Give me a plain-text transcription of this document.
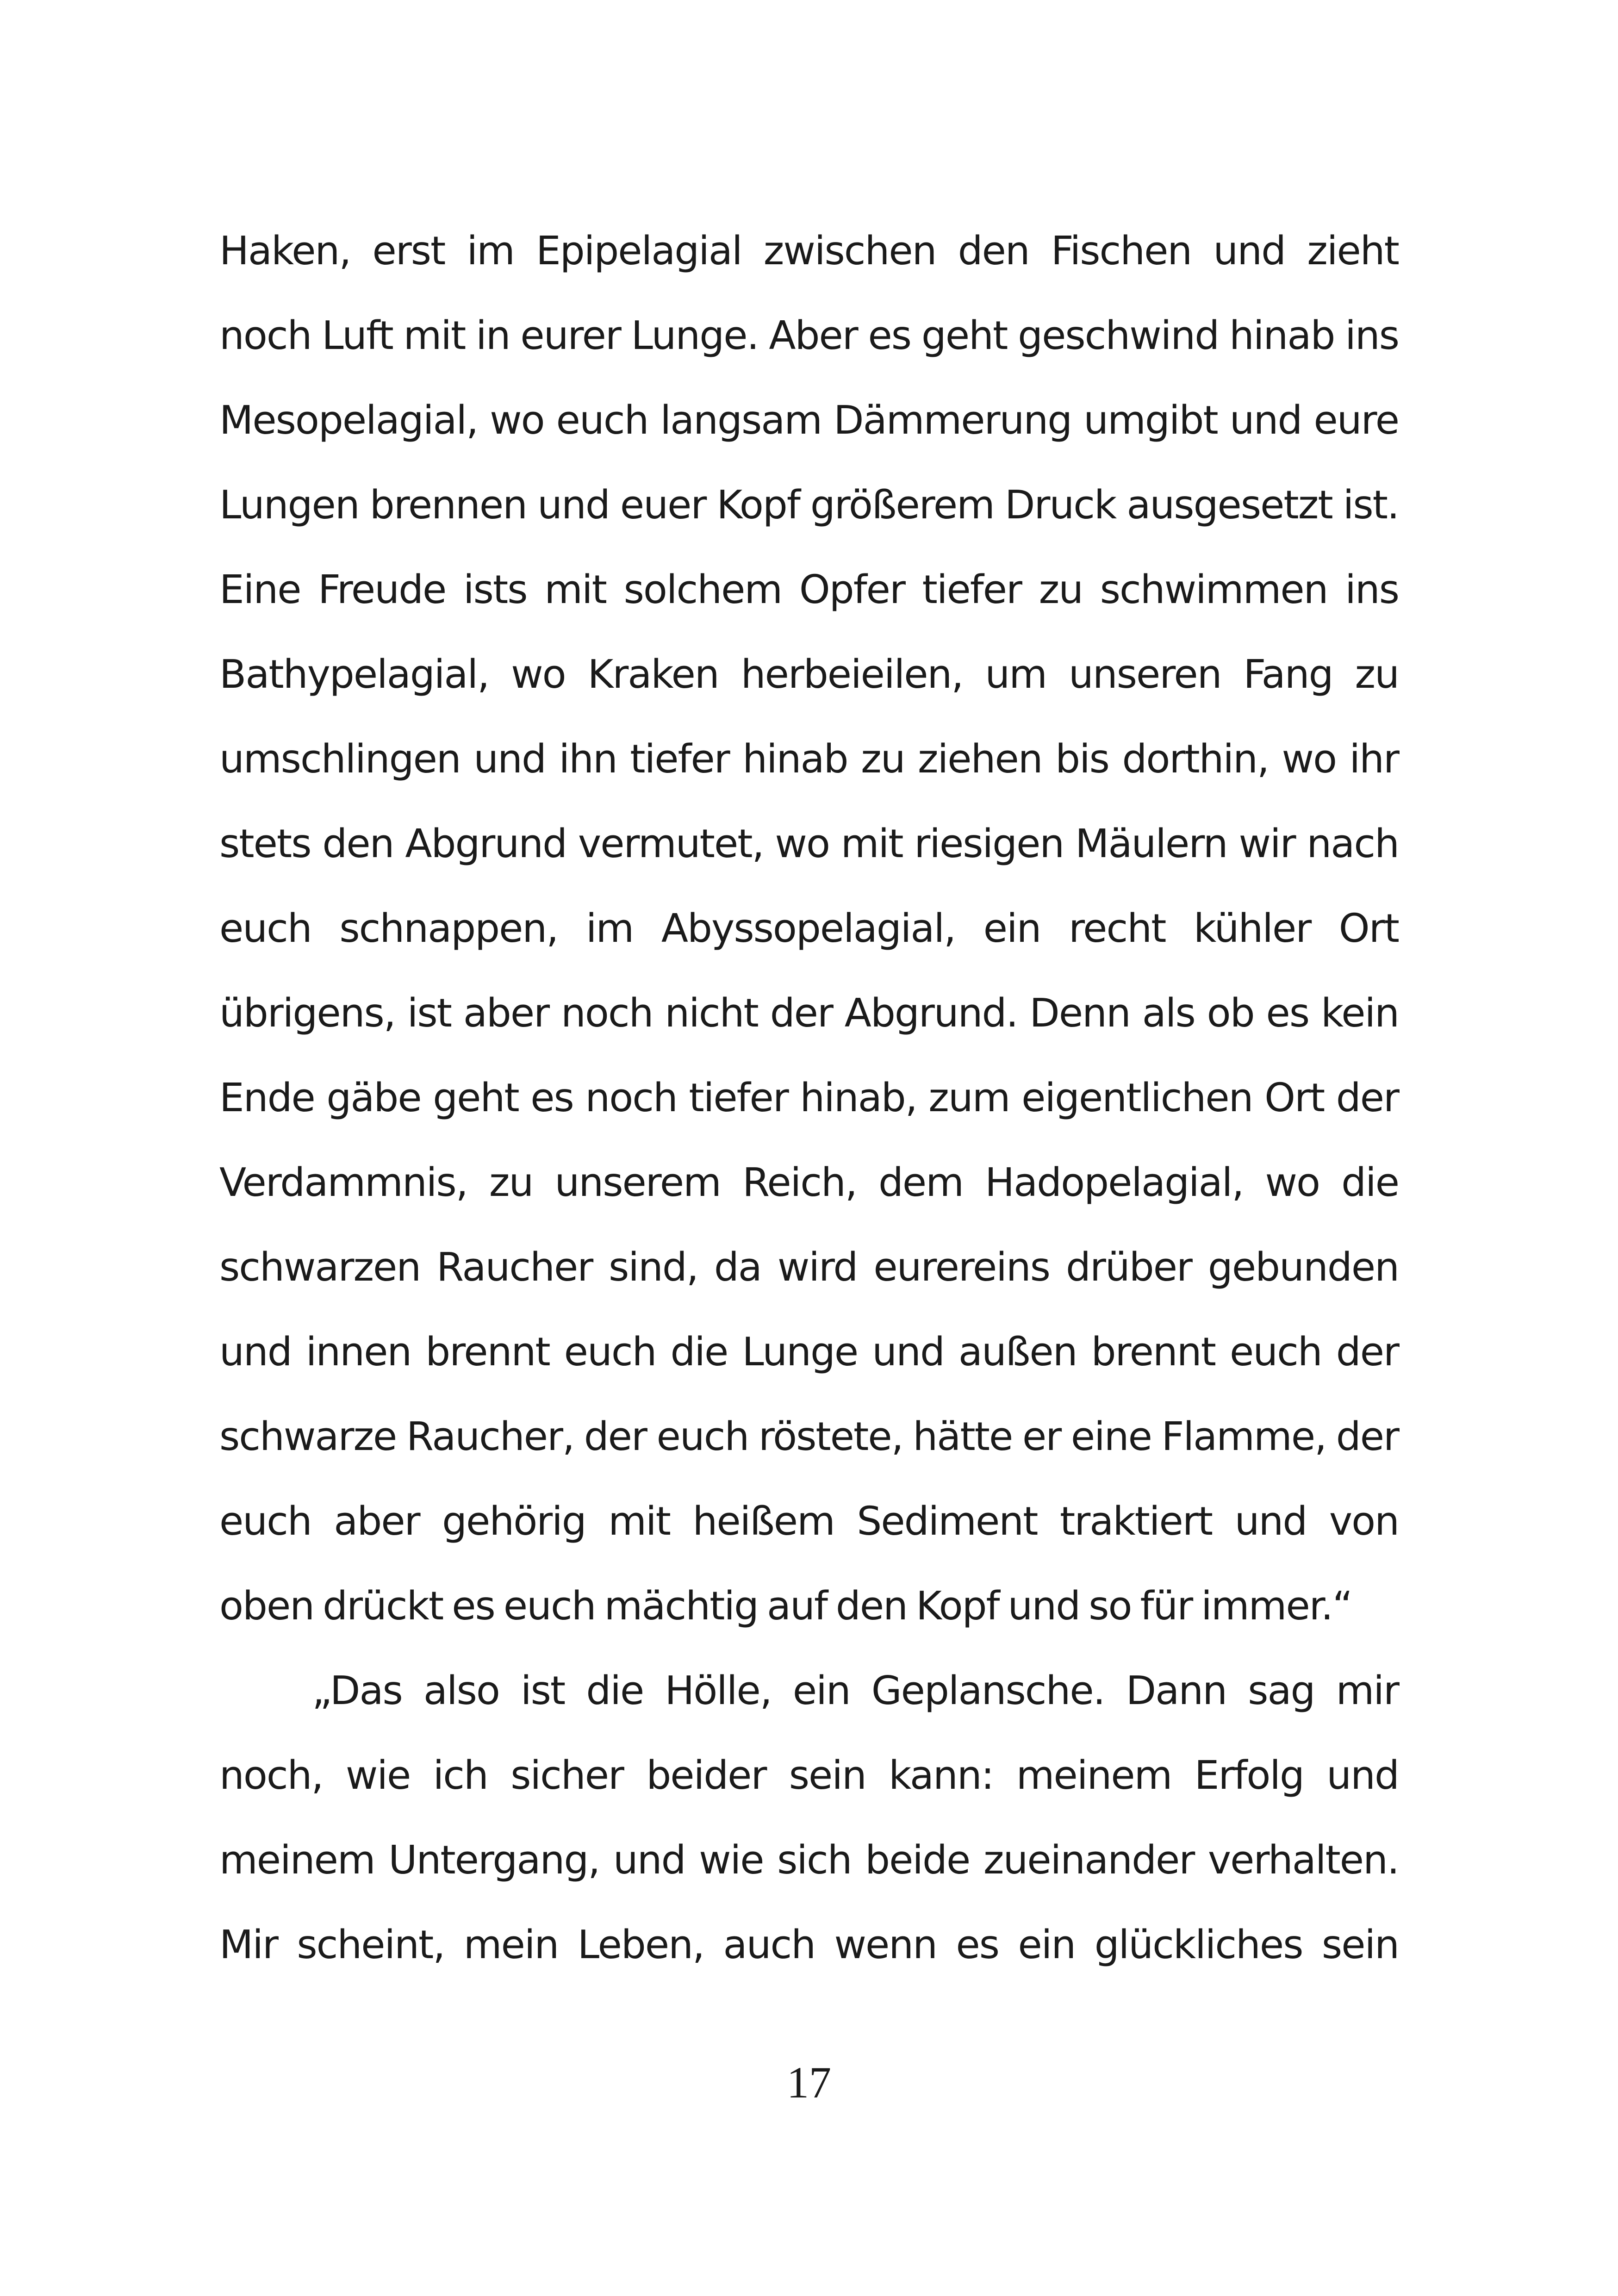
Haken, erst im Epipelagial zwischen den Fischen und zieht
noch Luft mit in eurer Lunge. Aber es geht geschwind hinab ins
Mesopelagial, wo euch langsam Dämmerung umgibt und eure
Lungen brennen und euer Kopf größerem Druck ausgesetzt ist.
Eine Freude ists mit solchem Opfer tiefer zu schwimmen ins
Bathypelagial, wo Kraken herbeieilen, um unseren Fang zu
umschlingen und ihn tiefer hinab zu ziehen bis dorthin, wo ihr
stets den Abgrund vermutet, wo mit riesigen Mäulern wir nach
euch schnappen, im Abyssopelagial, ein recht kühler Ort
übrigens, ist aber noch nicht der Abgrund. Denn als ob es kein
Ende gäbe geht es noch tiefer hinab, zum eigentlichen Ort der
Verdammnis, zu unserem Reich, dem Hadopelagial, wo die
schwarzen Raucher sind, da wird eurereins drüber gebunden
und innen brennt euch die Lunge und außen brennt euch der
schwarze Raucher, der euch röstete, hätte er eine Flamme, der
euch aber gehörig mit heißem Sediment traktiert und von
oben drückt es euch mächtig auf den Kopf und so für immer.“
„Das also ist die Hölle, ein Geplansche. Dann sag mir
noch, wie ich sicher beider sein kann: meinem Erfolg und
meinem Untergang, und wie sich beide zueinander verhalten.
Mir scheint, mein Leben, auch wenn es ein glückliches sein
17
